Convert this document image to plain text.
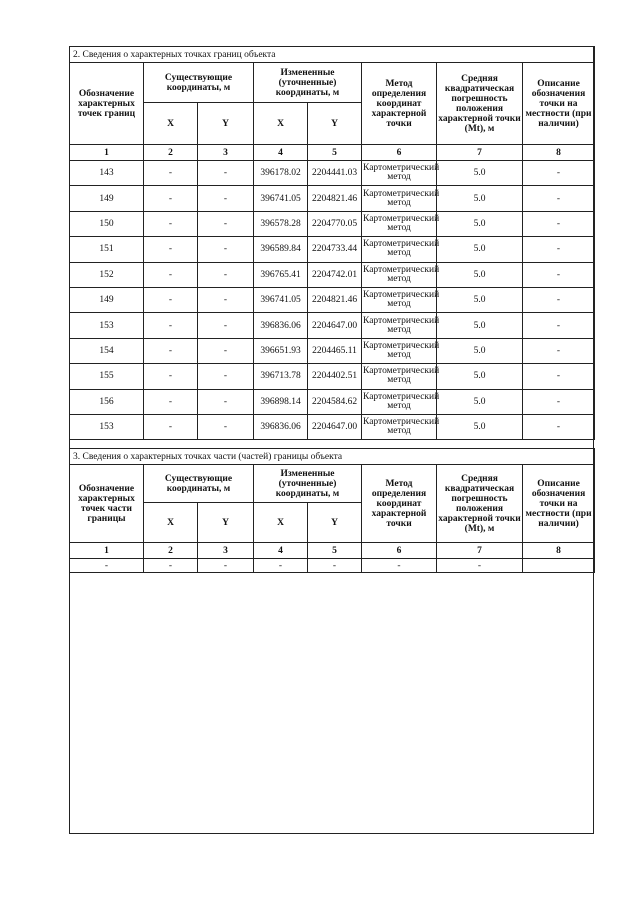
2. Сведения о характерных точках границ объекта							
Обозначение характерных точек границ	Существующие координаты, м		Измененные (уточненные) координаты, м		Метод определения координат характерной точки	Средняя квадратическая погрешность положения характерной точки (Mt), м	Описание обозначения точки на местности (при наличии)
	X	Y	X	Y			
1	2	3	4	5	6	7	8
143	-	-	396178.02	2204441.03	Картометрический метод	5.0	-
149	-	-	396741.05	2204821.46	Картометрический метод	5.0	-
150	-	-	396578.28	2204770.05	Картометрический метод	5.0	-
151	-	-	396589.84	2204733.44	Картометрический метод	5.0	-
152	-	-	396765.41	2204742.01	Картометрический метод	5.0	-
149	-	-	396741.05	2204821.46	Картометрический метод	5.0	-
153	-	-	396836.06	2204647.00	Картометрический метод	5.0	-
154	-	-	396651.93	2204465.11	Картометрический метод	5.0	-
155	-	-	396713.78	2204402.51	Картометрический метод	5.0	-
156	-	-	396898.14	2204584.62	Картометрический метод	5.0	-
153	-	-	396836.06	2204647.00	Картометрический метод	5.0	-
3. Сведения о характерных точках части (частей) границы объекта							
Обозначение характерных точек части границы	Существующие координаты, м		Измененные (уточненные) координаты, м		Метод определения координат характерной точки	Средняя квадратическая погрешность положения характерной точки (Mt), м	Описание обозначения точки на местности (при наличии)
	X	Y	X	Y			
1	2	3	4	5	6	7	8
-	-	-	-	-	-	-	
